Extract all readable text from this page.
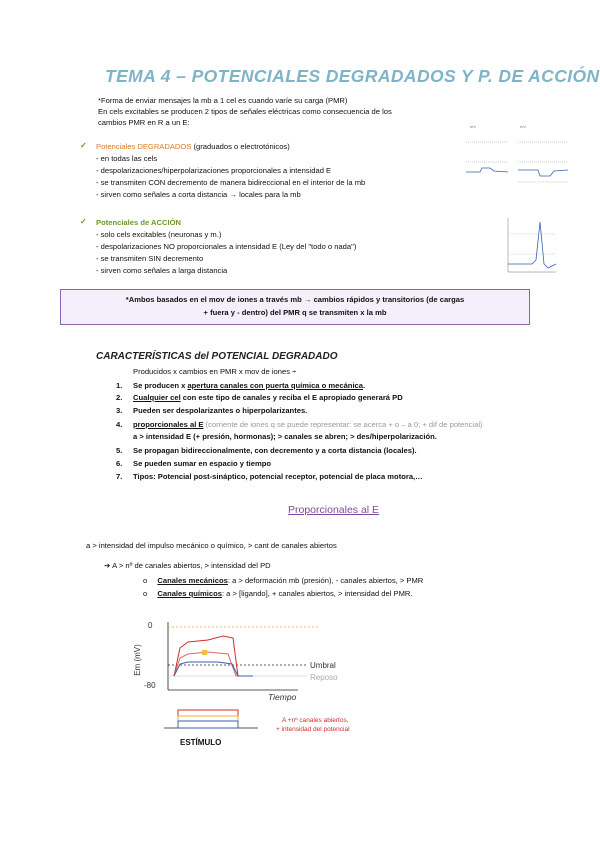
TEMA 4 – POTENCIALES DEGRADADOS Y P. DE ACCIÓN
*Forma de enviar mensajes la mb a 1 cel es cuando varíe su carga (PMR)
En cels excitables se producen 2 tipos de señales eléctricas como consecuencia de los
cambios PMR en R a un E:
✓ Potenciales DEGRADADOS (graduados o electrotónicos)
- en todas las cels
- despolarizaciones/hiperpolarizaciones proporcionales a intensidad E
- se transmiten CON decremento de manera bidireccional en el interior de la mb
- sirven como señales a corta distancia → locales para la mb
mV	mV
✓ Potenciales de ACCIÓN
- solo cels excitables (neuronas y m.)
- despolarizaciones NO proporcionales a intensidad E (Ley del "todo o nada")
- se transmiten SIN decremento
- sirven como señales a larga distancia
*Ambos basados en el mov de iones a través mb → cambios rápidos y transitorios (de cargas
+ fuera y - dentro) del PMR q se transmiten x la mb
CARACTERÍSTICAS del POTENCIAL DEGRADADO
Producidos x cambios en PMR x mov de iones ÷
1. Se producen x apertura canales con puerta química o mecánica.
2. Cualquier cel con este tipo de canales y reciba el E apropiado generará PD
3. Pueden ser despolarizantes o hiperpolarizantes.
4. proporcionales al E (corriente de iones q se puede representar: se acerca + o – a 0; + dif de potencial)
a > intensidad E (+ presión, hormonas); > canales se abren; > des/hiperpolarización.
5. Se propagan bidireccionalmente, con decremento y a corta distancia (locales).
6. Se pueden sumar en espacio y tiempo
7. Tipos: Potencial post-sináptico, potencial receptor, potencial de placa motora,…
Proporcionales al E
a > intensidad del impulso mecánico o químico, > cant de canales abiertos
➔ A > nº de canales abiertos, > intensidad del PD
o Canales mecánicos: a > deformación mb (presión), - canales abiertos, > PMR
o Canales químicos: a > [ligando], + canales abiertos, > intensidad del PMR.
0
-80
Em (mV)	Umbral
Reposo
Tiempo
ESTÍMULO
A +nº canales abiertos,
+ intensidad del potencial
